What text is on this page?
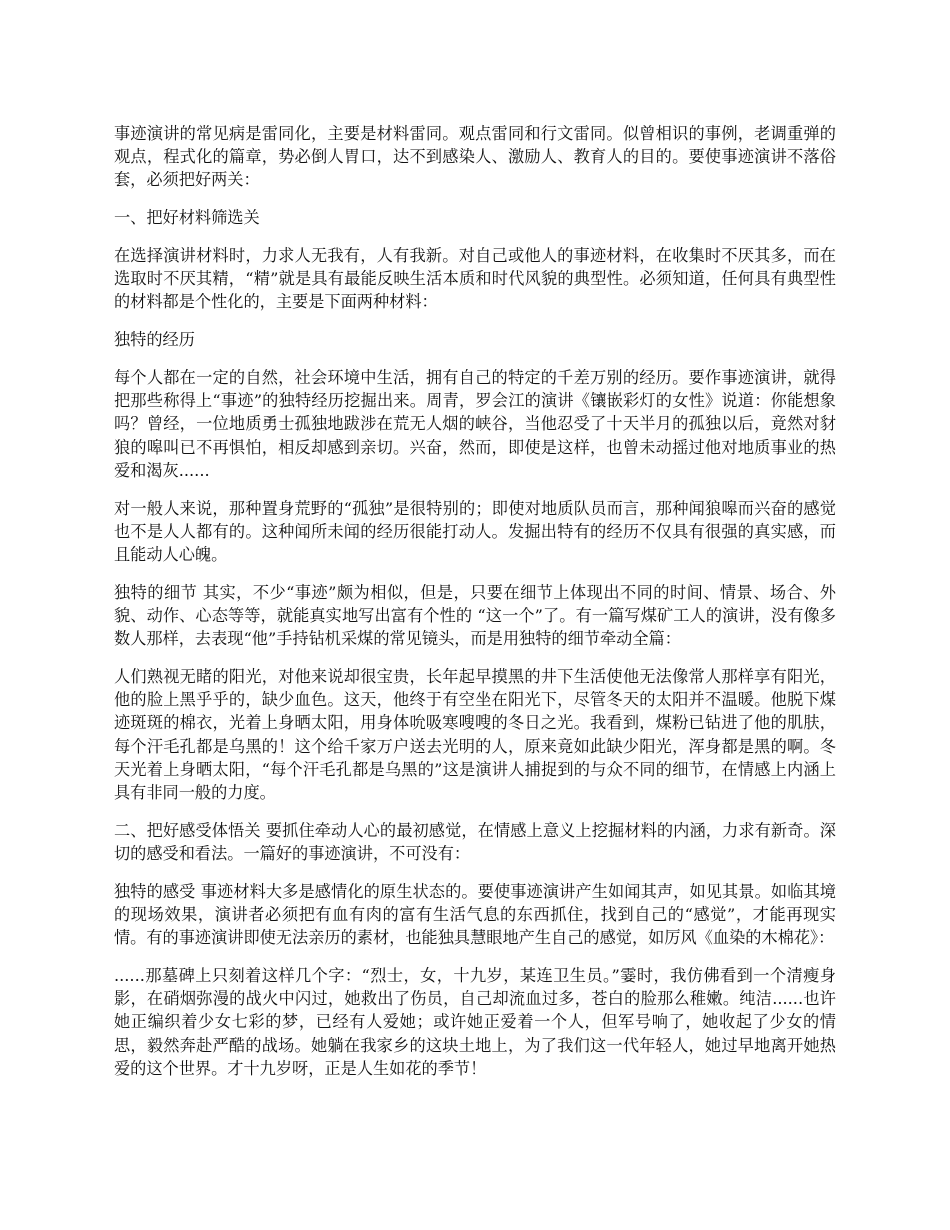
事迹演讲的常见病是雷同化，主要是材料雷同。观点雷同和行文雷同。似曾相识的事例，老调重弹的观点，程式化的篇章，势必倒人胃口，达不到感染人、激励人、教育人的目的。要使事迹演讲不落俗套，必须把好两关：

一、把好材料筛选关

在选择演讲材料时，力求人无我有，人有我新。对自己或他人的事迹材料，在收集时不厌其多，而在选取时不厌其精，“精”就是具有最能反映生活本质和时代风貌的典型性。必须知道，任何具有典型性的材料都是个性化的，主要是下面两种材料：

独特的经历

每个人都在一定的自然，社会环境中生活，拥有自己的特定的千差万别的经历。要作事迹演讲，就得把那些称得上“事迹”的独特经历挖掘出来。周青，罗会江的演讲《镶嵌彩灯的女性》说道：你能想象吗？曾经，一位地质勇士孤独地跋涉在荒无人烟的峡谷，当他忍受了十天半月的孤独以后，竟然对豺狼的嗥叫已不再惧怕，相反却感到亲切。兴奋，然而，即使是这样，也曾未动摇过他对地质事业的热爱和渴灰......

对一般人来说，那种置身荒野的“孤独”是很特别的；即使对地质队员而言，那种闻狼嗥而兴奋的感觉也不是人人都有的。这种闻所未闻的经历很能打动人。发掘出特有的经历不仅具有很强的真实感，而且能动人心魄。

独特的细节 其实，不少“事迹”颇为相似，但是，只要在细节上体现出不同的时间、情景、场合、外貌、动作、心态等等，就能真实地写出富有个性的 “这一个”了。有一篇写煤矿工人的演讲，没有像多数人那样，去表现“他”手持钻机采煤的常见镜头，而是用独特的细节牵动全篇：

人们熟视无睹的阳光，对他来说却很宝贵，长年起早摸黑的井下生活使他无法像常人那样享有阳光，他的脸上黑乎乎的，缺少血色。这天，他终于有空坐在阳光下，尽管冬天的太阳并不温暖。他脱下煤迹斑斑的棉衣，光着上身晒太阳，用身体吮吸寒嗖嗖的冬日之光。我看到，煤粉已钻进了他的肌肤，每个汗毛孔都是乌黑的！这个给千家万户送去光明的人，原来竟如此缺少阳光，浑身都是黑的啊。冬天光着上身晒太阳，“每个汗毛孔都是乌黑的”这是演讲人捕捉到的与众不同的细节，在情感上内涵上具有非同一般的力度。

二、把好感受体悟关 要抓住牵动人心的最初感觉，在情感上意义上挖掘材料的内涵，力求有新奇。深切的感受和看法。一篇好的事迹演讲，不可没有：

独特的感受 事迹材料大多是感情化的原生状态的。要使事迹演讲产生如闻其声，如见其景。如临其境的现场效果，演讲者必须把有血有肉的富有生活气息的东西抓住，找到自己的“感觉”，才能再现实情。有的事迹演讲即使无法亲历的素材，也能独具慧眼地产生自己的感觉，如厉风《血染的木棉花》：

......那墓碑上只刻着这样几个字：“烈士，女，十九岁，某连卫生员。”霎时，我仿佛看到一个清瘦身影，在硝烟弥漫的战火中闪过，她救出了伤员，自己却流血过多，苍白的脸那么稚嫩。纯洁......也许她正编织着少女七彩的梦，已经有人爱她；或许她正爱着一个人，但军号响了，她收起了少女的情思，毅然奔赴严酷的战场。她躺在我家乡的这块土地上，为了我们这一代年轻人，她过早地离开她热爱的这个世界。才十九岁呀，正是人生如花的季节！
